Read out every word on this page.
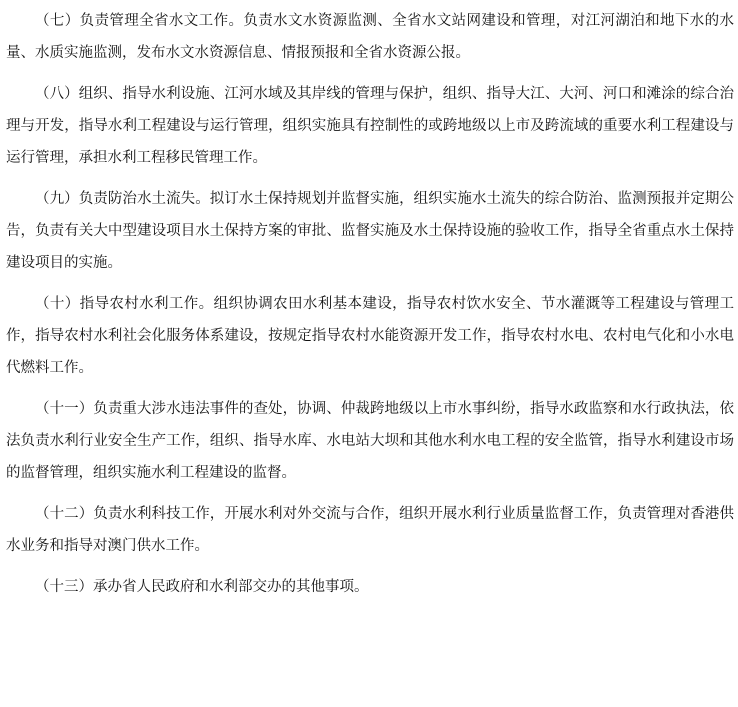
（七）负责管理全省水文工作。负责水文水资源监测、全省水文站网建设和管理，对江河湖泊和地下水的水量、水质实施监测，发布水文水资源信息、情报预报和全省水资源公报。

（八）组织、指导水利设施、江河水域及其岸线的管理与保护，组织、指导大江、大河、河口和滩涂的综合治理与开发，指导水利工程建设与运行管理，组织实施具有控制性的或跨地级以上市及跨流域的重要水利工程建设与运行管理，承担水利工程移民管理工作。

（九）负责防治水土流失。拟订水土保持规划并监督实施，组织实施水土流失的综合防治、监测预报并定期公告，负责有关大中型建设项目水土保持方案的审批、监督实施及水土保持设施的验收工作，指导全省重点水土保持建设项目的实施。

（十）指导农村水利工作。组织协调农田水利基本建设，指导农村饮水安全、节水灌溉等工程建设与管理工作，指导农村水利社会化服务体系建设，按规定指导农村水能资源开发工作，指导农村水电、农村电气化和小水电代燃料工作。

（十一）负责重大涉水违法事件的查处，协调、仲裁跨地级以上市水事纠纷，指导水政监察和水行政执法，依法负责水利行业安全生产工作，组织、指导水库、水电站大坝和其他水利水电工程的安全监管，指导水利建设市场的监督管理，组织实施水利工程建设的监督。

（十二）负责水利科技工作，开展水利对外交流与合作，组织开展水利行业质量监督工作，负责管理对香港供水业务和指导对澳门供水工作。

（十三）承办省人民政府和水利部交办的其他事项。
